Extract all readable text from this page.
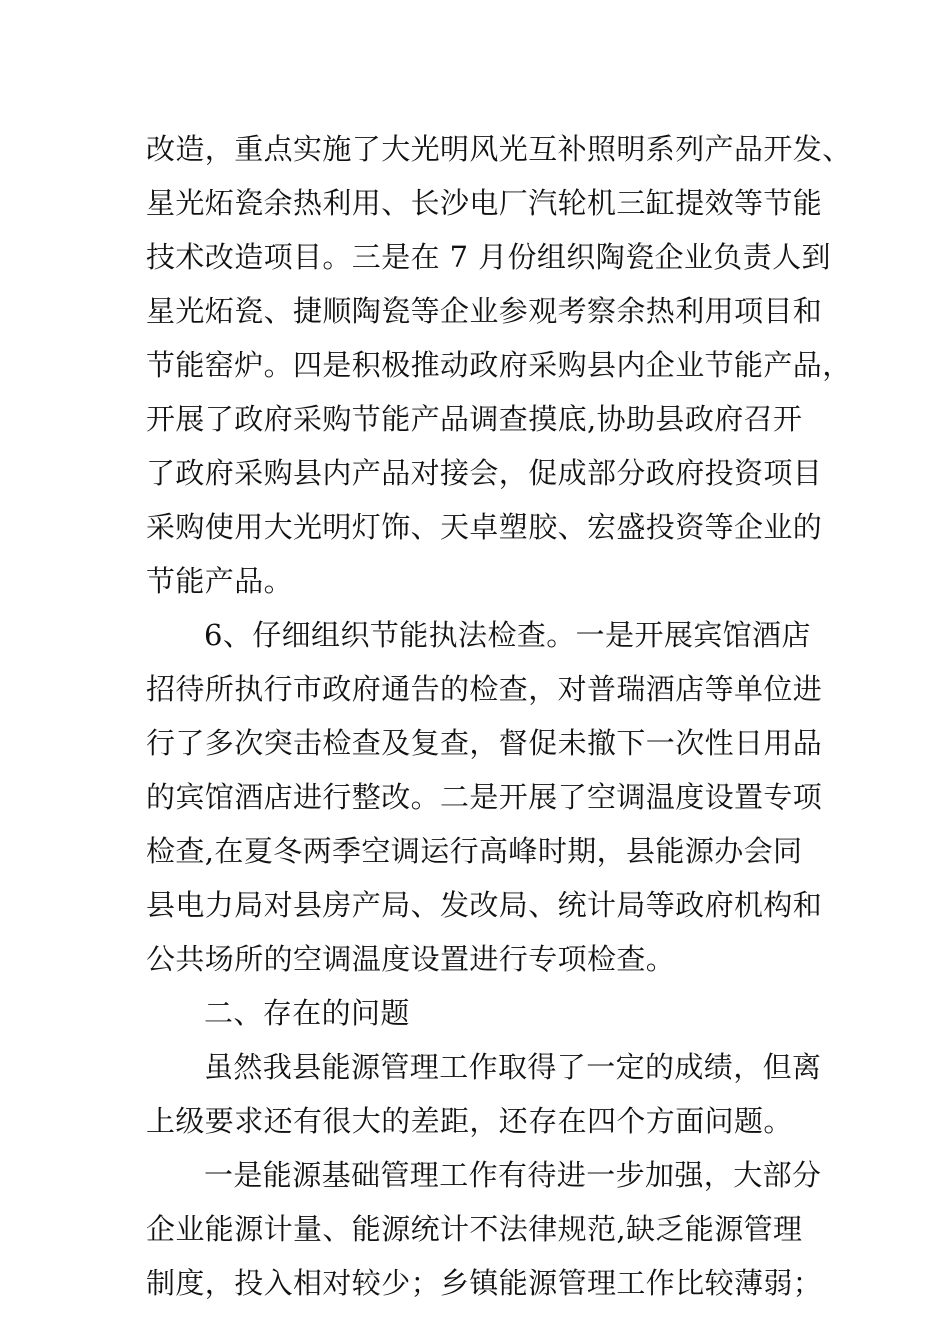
改造，重点实施了大光明风光互补照明系列产品开发、
星光炻瓷余热利用、长沙电厂汽轮机三缸提效等节能
技术改造项目。三是在 7 月份组织陶瓷企业负责人到
星光炻瓷、捷顺陶瓷等企业参观考察余热利用项目和
节能窑炉。四是积极推动政府采购县内企业节能产品，
开展了政府采购节能产品调查摸底,协助县政府召开
了政府采购县内产品对接会，促成部分政府投资项目
采购使用大光明灯饰、天卓塑胶、宏盛投资等企业的
节能产品。
6、仔细组织节能执法检查。一是开展宾馆酒店
招待所执行市政府通告的检查，对普瑞酒店等单位进
行了多次突击检查及复查，督促未撤下一次性日用品
的宾馆酒店进行整改。二是开展了空调温度设置专项
检查,在夏冬两季空调运行高峰时期，县能源办会同
县电力局对县房产局、发改局、统计局等政府机构和
公共场所的空调温度设置进行专项检查。
二、存在的问题
虽然我县能源管理工作取得了一定的成绩，但离
上级要求还有很大的差距，还存在四个方面问题。
一是能源基础管理工作有待进一步加强，大部分
企业能源计量、能源统计不法律规范,缺乏能源管理
制度，投入相对较少；乡镇能源管理工作比较薄弱；
